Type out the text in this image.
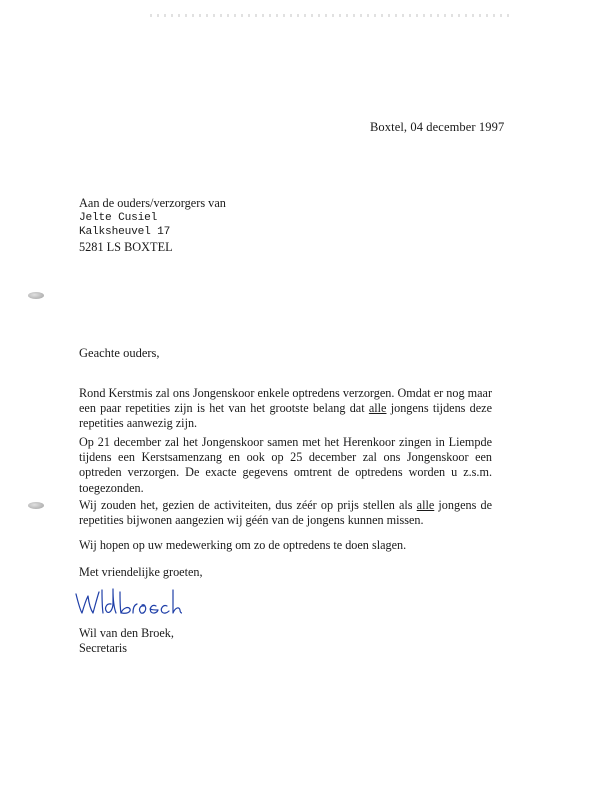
Boxtel, 04 december 1997
Aan de ouders/verzorgers van
Jelte Cusiel
Kalksheuvel 17
5281 LS BOXTEL
Geachte ouders,
Rond Kerstmis zal ons Jongenskoor enkele optredens verzorgen. Omdat er nog maar een paar repetities zijn is het van het grootste belang dat alle jongens tijdens deze repetities aanwezig zijn.
Op 21 december zal het Jongenskoor samen met het Herenkoor zingen in Liempde tijdens een Kerstsamenzang en ook op 25 december zal ons Jongenskoor een optreden verzorgen. De exacte gegevens omtrent de optredens worden u z.s.m. toegezonden.
Wij zouden het, gezien de activiteiten, dus zéér op prijs stellen als alle jongens de repetities bijwonen aangezien wij géén van de jongens kunnen missen.
Wij hopen op uw medewerking om zo de optredens te doen slagen.
Met vriendelijke groeten,
Wil van den Broek,
Secretaris
